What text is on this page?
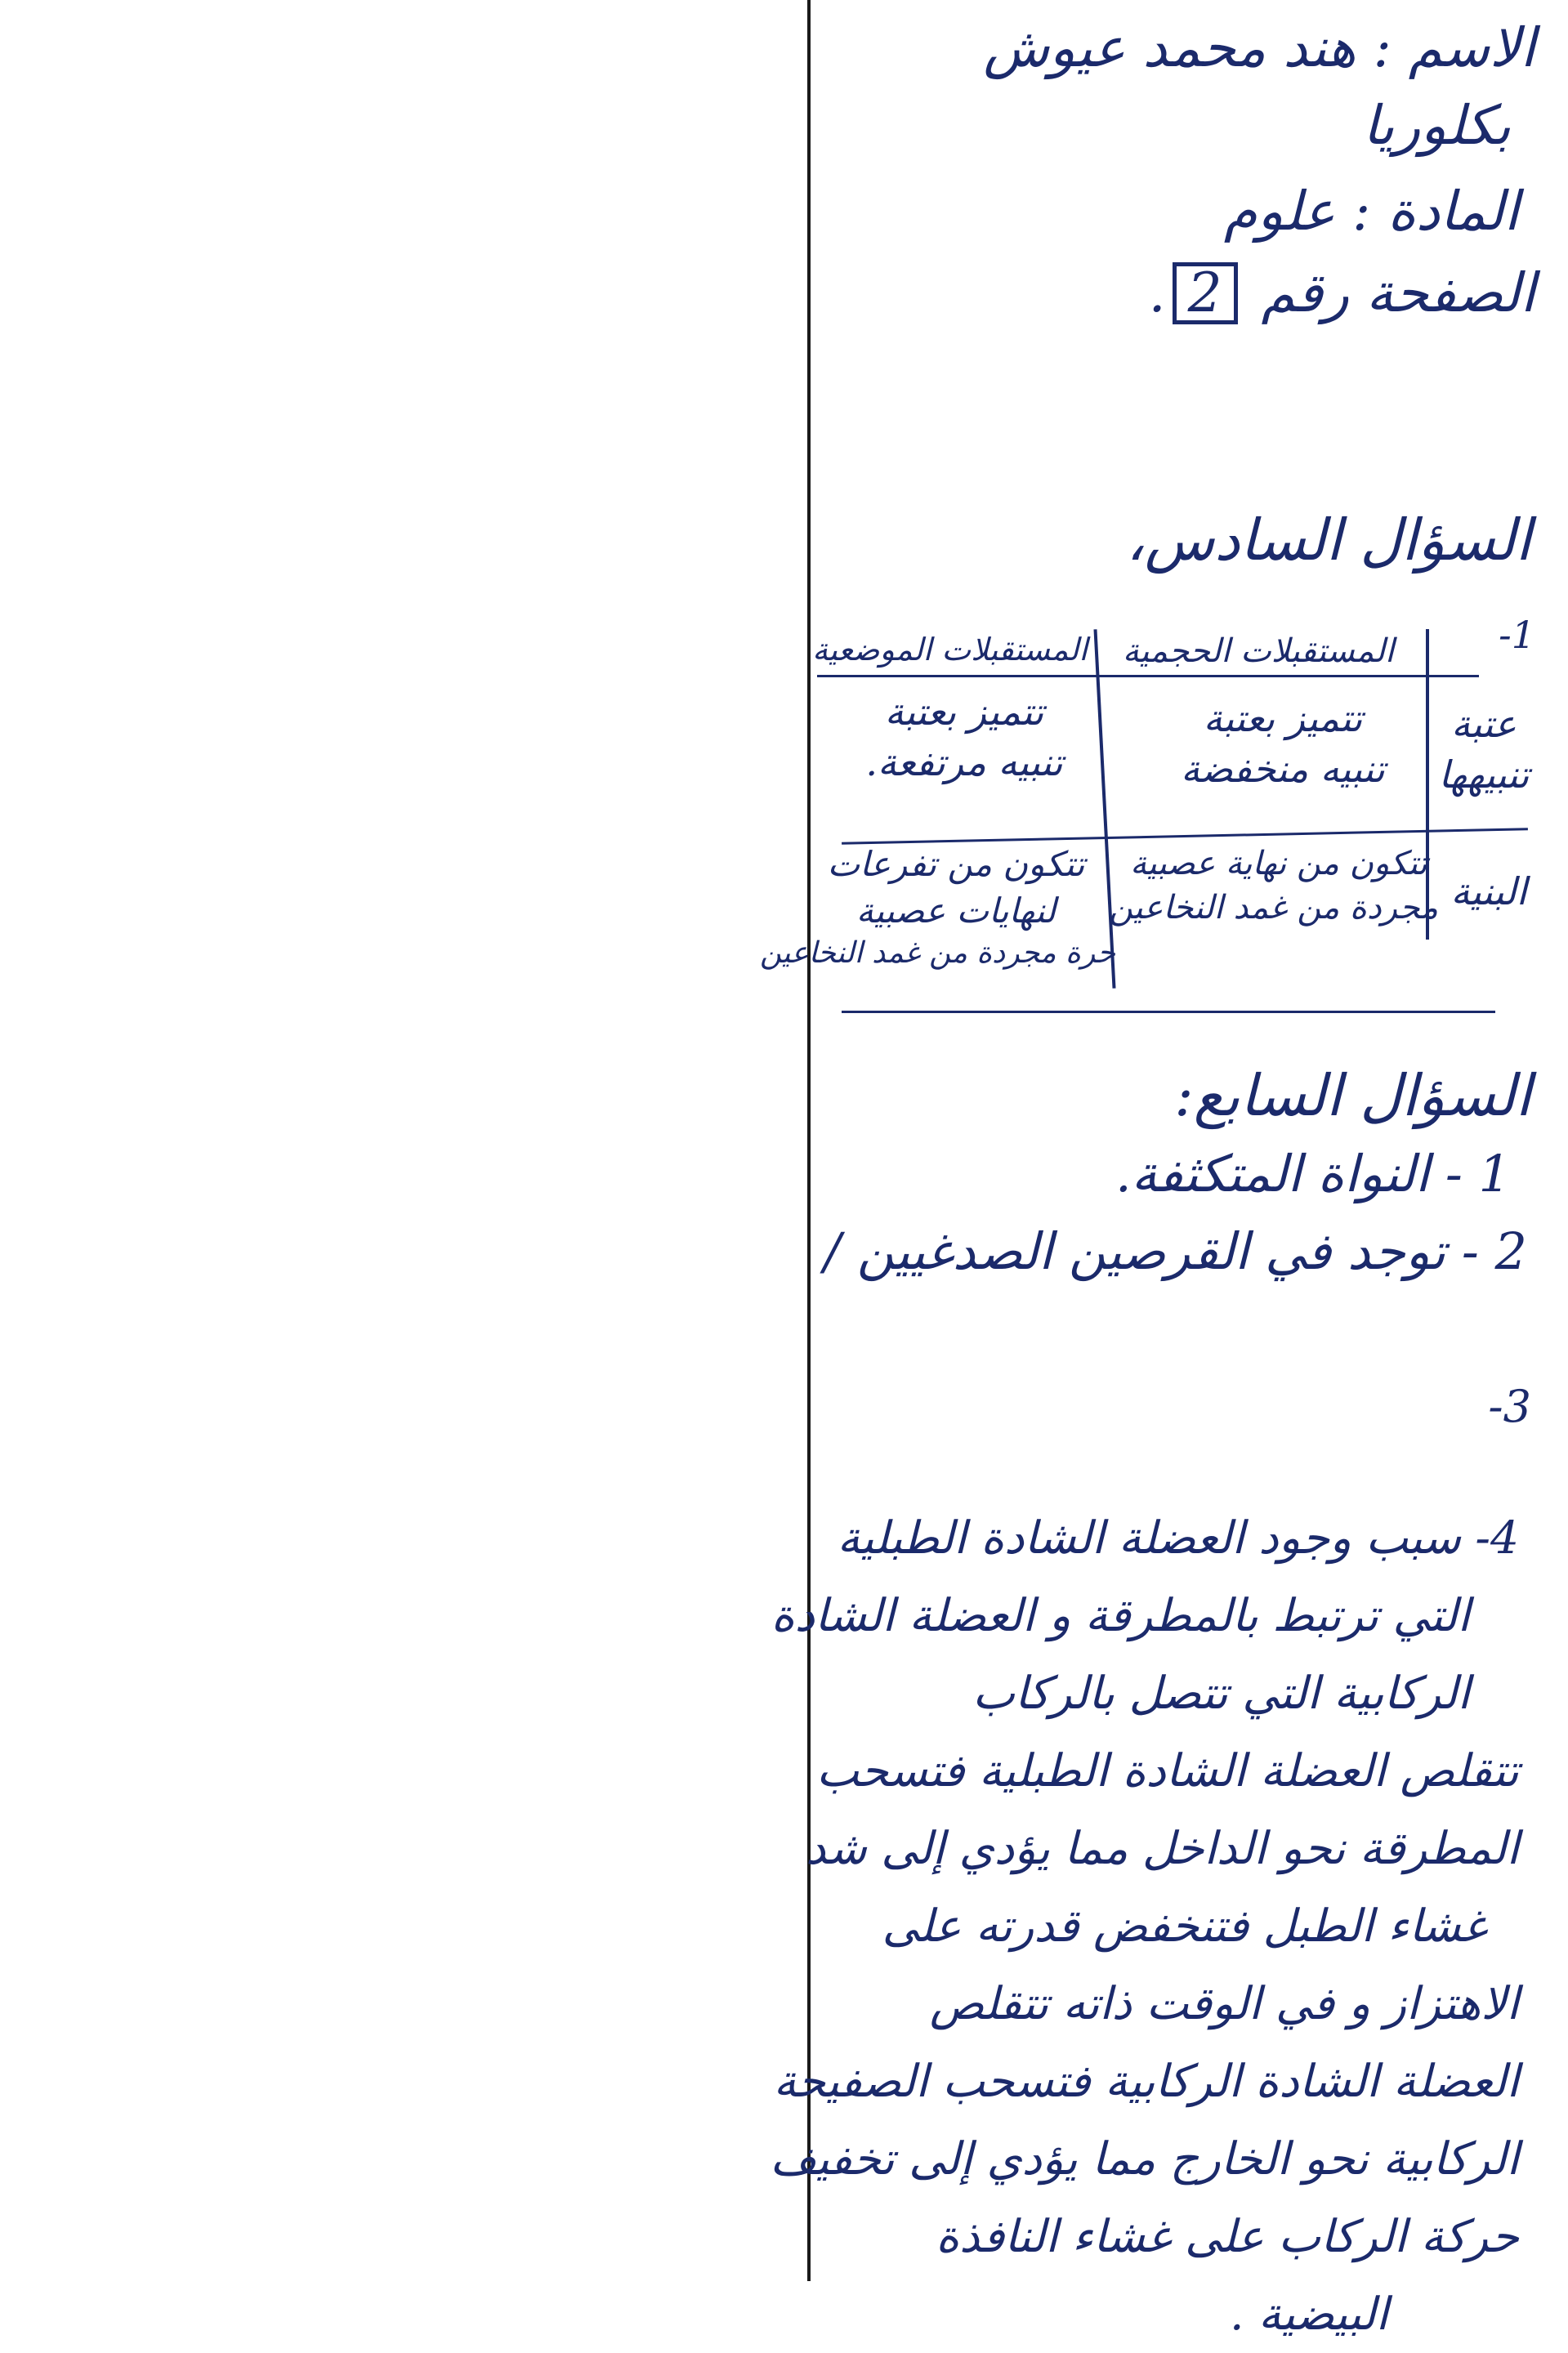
الاسم : هند محمد عيوش
بكلوريا
المادة : علوم
الصفحة رقم 2.
السؤال السادس،
1-
المستقبلات الحجمية
المستقبلات الموضعية
عتبة تنبيهها
تتميز بعتبة
تنبيه منخفضة
تتميز بعتبة
تنبيه مرتفعة.
البنية
تتكون من نهاية عصبية
مجردة من غمد النخاعين
تتكون من تفرعات
لنهايات عصبية
حرة مجردة من غمد النخاعين
السؤال السابع:
1 - النواة المتكثفة.
2 - توجد في القرصين الصدغيين /
3-
4- سبب وجود العضلة الشادة الطبلية
التي ترتبط بالمطرقة و العضلة الشادة
الركابية التي تتصل بالركاب
تتقلص العضلة الشادة الطبلية فتسحب
المطرقة نحو الداخل مما يؤدي إلى شد
غشاء الطبل فتنخفض قدرته على
الاهتزاز و في الوقت ذاته تتقلص
العضلة الشادة الركابية فتسحب الصفيحة
الركابية نحو الخارج مما يؤدي إلى تخفيف
حركة الركاب على غشاء النافذة
البيضية .
